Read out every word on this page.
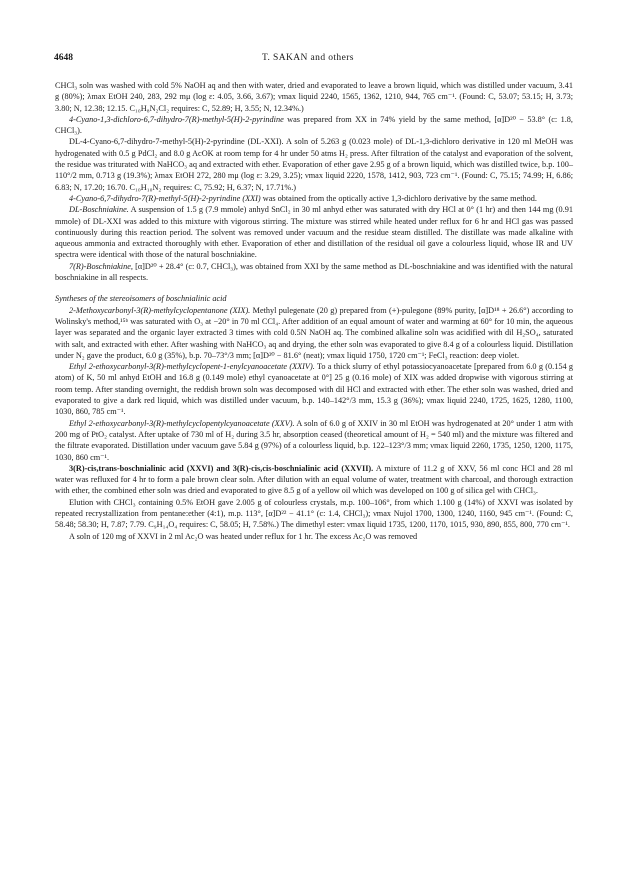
4648	T. SAKAN and others

CHCl₃ soln was washed with cold 5% NaOH aq and then with water, dried and evaporated to leave a brown liquid, which was distilled under vacuum, 3.41 g (80%); λmax EtOH 240, 283, 292 mμ (log ε: 4.05, 3.66, 3.67); νmax liquid 2240, 1565, 1362, 1210, 944, 765 cm⁻¹. (Found: C, 53.07; 53.15; H, 3.73; 3.80; N, 12.38; 12.15. C₁₀H₈N₂Cl₂ requires: C, 52.89; H, 3.55; N, 12.34%.)

4-Cyano-1,3-dichloro-6,7-dihydro-7(R)-methyl-5(H)-2-pyrindine was prepared from XX in 74% yield by the same method, [α]D²⁰ − 53.8° (c: 1.8, CHCl₃).

DL-4-Cyano-6,7-dihydro-7-methyl-5(H)-2-pyrindine (DL-XXI). A soln of 5.263 g (0.023 mole) of DL-1,3-dichloro derivative in 120 ml MeOH was hydrogenated with 0.5 g PdCl₂ and 8.0 g AcOK at room temp for 4 hr under 50 atms H₂ press. After filtration of the catalyst and evaporation of the solvent, the residue was triturated with NaHCO₃ aq and extracted with ether. Evaporation of ether gave 2.95 g of a brown liquid, which was distilled twice, b.p. 100–110°/2 mm, 0.713 g (19.3%); λmax EtOH 272, 280 mμ (log ε: 3.29, 3.25); νmax liquid 2220, 1578, 1412, 903, 723 cm⁻¹. (Found: C, 75.15; 74.99; H, 6.86; 6.83; N, 17.20; 16.70. C₁₀H₁₀N₂ requires: C, 75.92; H, 6.37; N, 17.71%.)

4-Cyano-6,7-dihydro-7(R)-methyl-5(H)-2-pyrindine (XXI) was obtained from the optically active 1,3-dichloro derivative by the same method.

DL-Boschniakine. A suspension of 1.5 g (7.9 mmole) anhyd SnCl₂ in 30 ml anhyd ether was saturated with dry HCl at 0° (1 hr) and then 144 mg (0.91 mmole) of DL-XXI was added to this mixture with vigorous stirring. The mixture was stirred while heated under reflux for 6 hr and HCl gas was passed continuously during this reaction period. The solvent was removed under vacuum and the residue steam distilled. The distillate was made alkaline with aqueous ammonia and extracted thoroughly with ether. Evaporation of ether and distillation of the residual oil gave a colourless liquid, whose IR and UV spectra were identical with those of the natural boschniakine.

7(R)-Boschniakine, [α]D²⁰ + 28.4° (c: 0.7, CHCl₃), was obtained from XXI by the same method as DL-boschniakine and was identified with the natural boschniakine in all respects.

Syntheses of the stereoisomers of boschnialinic acid

2-Methoxycarbonyl-3(R)-methylcyclopentanone (XIX). Methyl pulegenate (20 g) prepared from (+)-pulegone (89% purity, [α]D¹⁸ + 26.6°) according to Wolinsky's method,¹⁵ᵇ was saturated with O₃ at −20° in 70 ml CCl₄. After addition of an equal amount of water and warming at 60° for 10 min, the aqueous layer was separated and the organic layer extracted 3 times with cold 0.5N NaOH aq. The combined alkaline soln was acidified with dil H₂SO₄, saturated with salt, and extracted with ether. After washing with NaHCO₃ aq and drying, the ether soln was evaporated to give 8.4 g of a colourless liquid. Distillation under N₂ gave the product, 6.0 g (35%), b.p. 70–73°/3 mm; [α]D²⁰ − 81.6° (neat); νmax liquid 1750, 1720 cm⁻¹; FeCl₃ reaction: deep violet.

Ethyl 2-ethoxycarbonyl-3(R)-methylcyclopent-1-enylcyanoacetate (XXIV). To a thick slurry of ethyl potassiocyanoacetate [prepared from 6.0 g (0.154 g atom) of K, 50 ml anhyd EtOH and 16.8 g (0.149 mole) ethyl cyanoacetate at 0°] 25 g (0.16 mole) of XIX was added dropwise with vigorous stirring at room temp. After standing overnight, the reddish brown soln was decomposed with dil HCl and extracted with ether. The ether soln was washed, dried and evaporated to give a dark red liquid, which was distilled under vacuum, b.p. 140–142°/3 mm, 15.3 g (36%); νmax liquid 2240, 1725, 1625, 1280, 1100, 1030, 860, 785 cm⁻¹.

Ethyl 2-ethoxycarbonyl-3(R)-methylcyclopentylcyanoacetate (XXV). A soln of 6.0 g of XXIV in 30 ml EtOH was hydrogenated at 20° under 1 atm with 200 mg of PtO₂ catalyst. After uptake of 730 ml of H₂ during 3.5 hr, absorption ceased (theoretical amount of H₂ = 540 ml) and the mixture was filtered and the filtrate evaporated. Distillation under vacuum gave 5.84 g (97%) of a colourless liquid, b.p. 122–123°/3 mm; νmax liquid 2260, 1735, 1250, 1200, 1175, 1030, 860 cm⁻¹.

3(R)-cis,trans-boschnialinic acid (XXVI) and 3(R)-cis,cis-boschnialinic acid (XXVII). A mixture of 11.2 g of XXV, 56 ml conc HCl and 28 ml water was refluxed for 4 hr to form a pale brown clear soln. After dilution with an equal volume of water, treatment with charcoal, and thorough extraction with ether, the combined ether soln was dried and evaporated to give 8.5 g of a yellow oil which was developed on 100 g of silica gel with CHCl₃.

Elution with CHCl₃ containing 0.5% EtOH gave 2.005 g of colourless crystals, m.p. 100–106°, from which 1.100 g (14%) of XXVI was isolated by repeated recrystallization from pentane:ether (4:1), m.p. 113°, [α]D²² − 41.1° (c: 1.4, CHCl₃); νmax Nujol 1700, 1300, 1240, 1160, 945 cm⁻¹. (Found: C, 58.48; 58.30; H, 7.87; 7.79. C₉H₁₄O₄ requires: C, 58.05; H, 7.58%.) The dimethyl ester: νmax liquid 1735, 1200, 1170, 1015, 930, 890, 855, 800, 770 cm⁻¹.

A soln of 120 mg of XXVI in 2 ml Ac₂O was heated under reflux for 1 hr. The excess Ac₂O was removed
